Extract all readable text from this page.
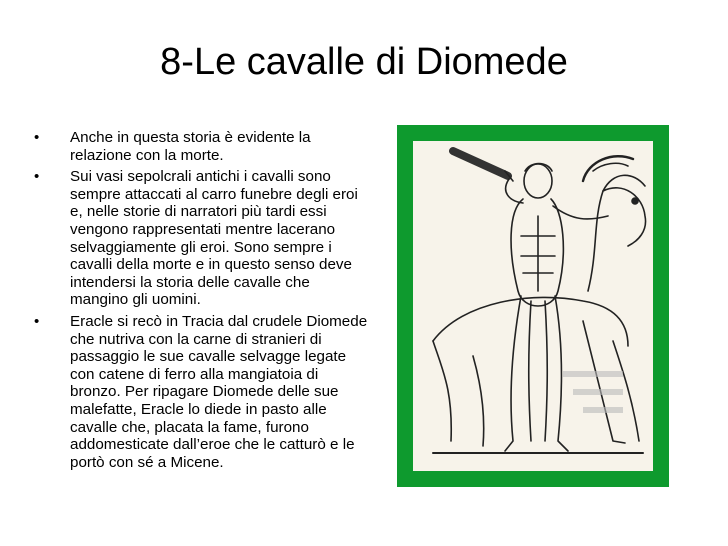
8-Le cavalle di Diomede
• Anche in questa storia è evidente la relazione con la morte.
• Sui vasi sepolcrali antichi i cavalli sono sempre attaccati al carro funebre degli eroi e, nelle storie di narratori più tardi essi vengono rappresentati mentre lacerano selvaggiamente gli eroi. Sono sempre i cavalli della morte e in questo senso deve intendersi la storia delle cavalle che mangino gli uomini.
• Eracle si recò in Tracia dal crudele Diomede che nutriva con la carne di stranieri di passaggio le sue cavalle selvagge legate con catene di ferro alla mangiatoia di bronzo. Per ripagare Diomede delle sue malefatte, Eracle lo diede in pasto alle cavalle che, placata la fame, furono addomesticate dall’eroe che le catturò e le portò con sé a Micene.
